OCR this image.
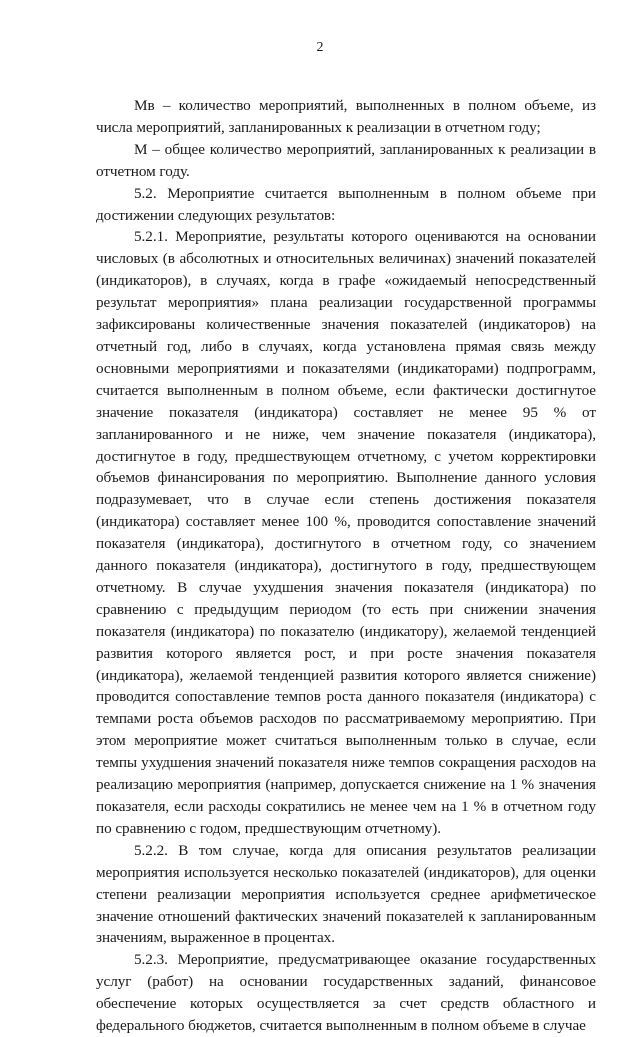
2

Мв – количество мероприятий, выполненных в полном объеме, из числа мероприятий, запланированных к реализации в отчетном году;

М – общее количество мероприятий, запланированных к реализации в отчетном году.

5.2. Мероприятие считается выполненным в полном объеме при достижении следующих результатов:

5.2.1. Мероприятие, результаты которого оцениваются на основании числовых (в абсолютных и относительных величинах) значений показателей (индикаторов), в случаях, когда в графе «ожидаемый непосредственный результат мероприятия» плана реализации государственной программы зафиксированы количественные значения показателей (индикаторов) на отчетный год, либо в случаях, когда установлена прямая связь между основными мероприятиями и показателями (индикаторами) подпрограмм, считается выполненным в полном объеме, если фактически достигнутое значение показателя (индикатора) составляет не менее 95 % от запланированного и не ниже, чем значение показателя (индикатора), достигнутое в году, предшествующем отчетному, с учетом корректировки объемов финансирования по мероприятию. Выполнение данного условия подразумевает, что в случае если степень достижения показателя (индикатора) составляет менее 100 %, проводится сопоставление значений показателя (индикатора), достигнутого в отчетном году, со значением данного показателя (индикатора), достигнутого в году, предшествующем отчетному. В случае ухудшения значения показателя (индикатора) по сравнению с предыдущим периодом (то есть при снижении значения показателя (индикатора) по показателю (индикатору), желаемой тенденцией развития которого является рост, и при росте значения показателя (индикатора), желаемой тенденцией развития которого является снижение) проводится сопоставление темпов роста данного показателя (индикатора) с темпами роста объемов расходов по рассматриваемому мероприятию. При этом мероприятие может считаться выполненным только в случае, если темпы ухудшения значений показателя ниже темпов сокращения расходов на реализацию мероприятия (например, допускается снижение на 1 % значения показателя, если расходы сократились не менее чем на 1 % в отчетном году по сравнению с годом, предшествующим отчетному).

5.2.2. В том случае, когда для описания результатов реализации мероприятия используется несколько показателей (индикаторов), для оценки степени реализации мероприятия используется среднее арифметическое значение отношений фактических значений показателей к запланированным значениям, выраженное в процентах.

5.2.3. Мероприятие, предусматривающее оказание государственных услуг (работ) на основании государственных заданий, финансовое обеспечение которых осуществляется за счет средств областного и федерального бюджетов, считается выполненным в полном объеме в случае
